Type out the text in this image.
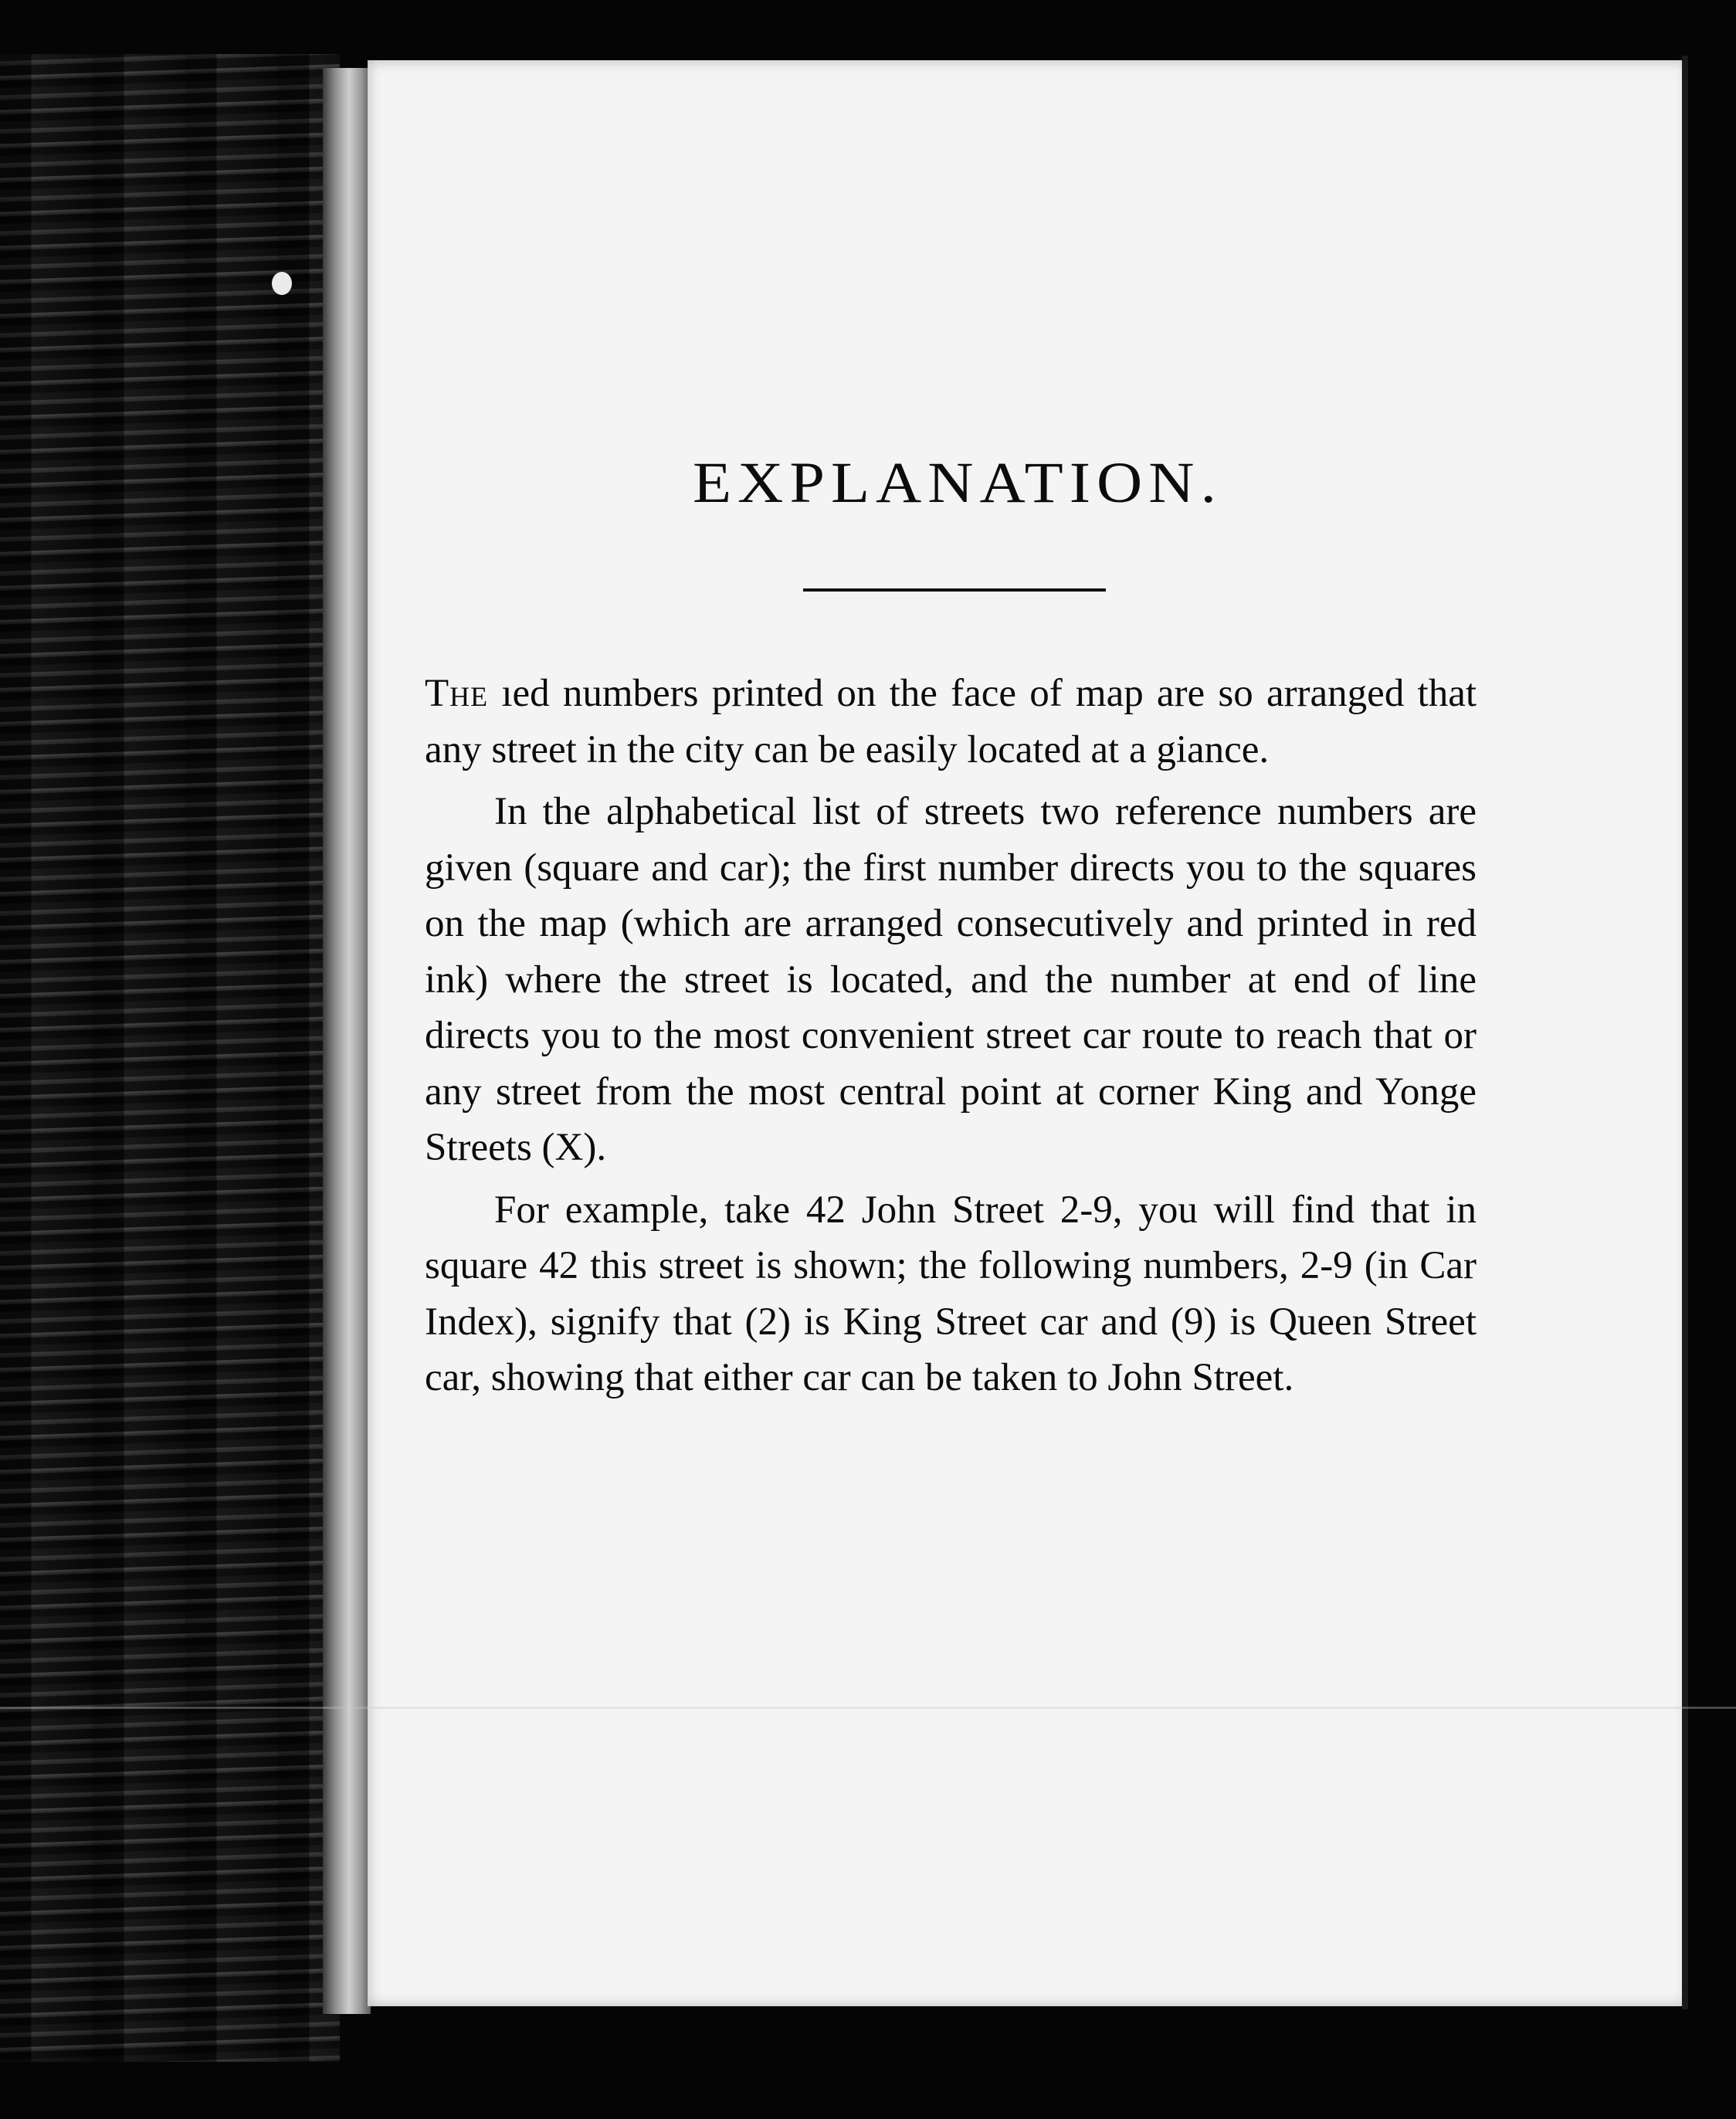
EXPLANATION.

The ıed numbers printed on the face of map are so arranged that any street in the city can be easily located at a giance.

In the alphabetical list of streets two reference numbers are given (square and car); the first number directs you to the squares on the map (which are arranged consecutively and printed in red ink) where the street is located, and the number at end of line directs you to the most convenient street car route to reach that or any street from the most central point at corner King and Yonge Streets (X).

For example, take 42 John Street 2-9, you will find that in square 42 this street is shown; the following numbers, 2-9 (in Car Index), signify that (2) is King Street car and (9) is Queen Street car, showing that either car can be taken to John Street.
